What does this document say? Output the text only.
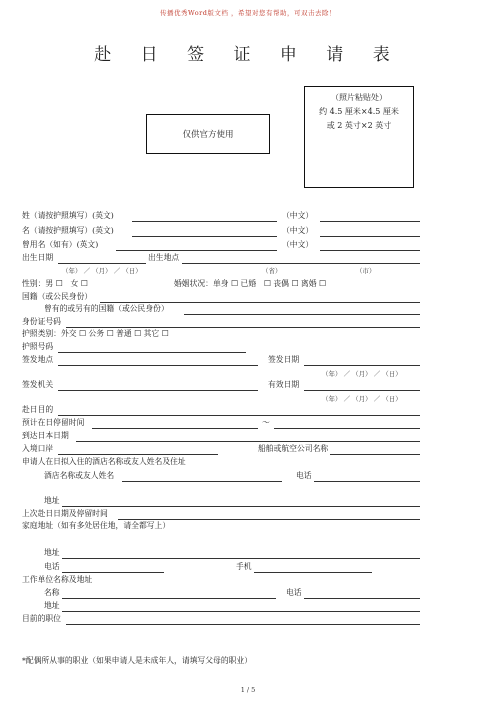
传播优秀Word版文档 ，希望对您有帮助，可双击去除！
赴 日 签 证 申 请 表
仅供官方使用
（照片粘贴处）
约 4.5 厘米×4.5 厘米
或 2 英寸×2 英寸
姓（请按护照填写）(英文)	（中文）
名（请按护照填写）(英文)	（中文）
曾用名（如有）(英文)	（中文）
出生日期	出生地点
（年） ／ （月） ／ （日）	（省）	（市）
性别：男 ☐　女 ☐	婚姻状况：单身 ☐ 已婚　☐ 丧偶 ☐ 离婚 ☐
国籍（或公民身份）
曾有的或另有的国籍（或公民身份）
身份证号码
护照类别：外交 ☐ 公务 ☐ 普通 ☐ 其它 ☐
护照号码
签发地点	签发日期
（年） ／ （月） ／ （日）
签发机关	有效日期
（年） ／ （月） ／ （日）
赴日目的
预计在日停留时间	～
到达日本日期
入境口岸	船舶或航空公司名称
申请人在日拟入住的酒店名称或友人姓名及住址
酒店名称或友人姓名	电话
地址
上次赴日日期及停留时间
家庭地址（如有多处居住地，请全都写上）
地址
电话	手机
工作单位名称及地址
名称	电话
地址
目前的职位
*配偶所从事的职业（如果申请人是未成年人，请填写父母的职业）
1 / 5
